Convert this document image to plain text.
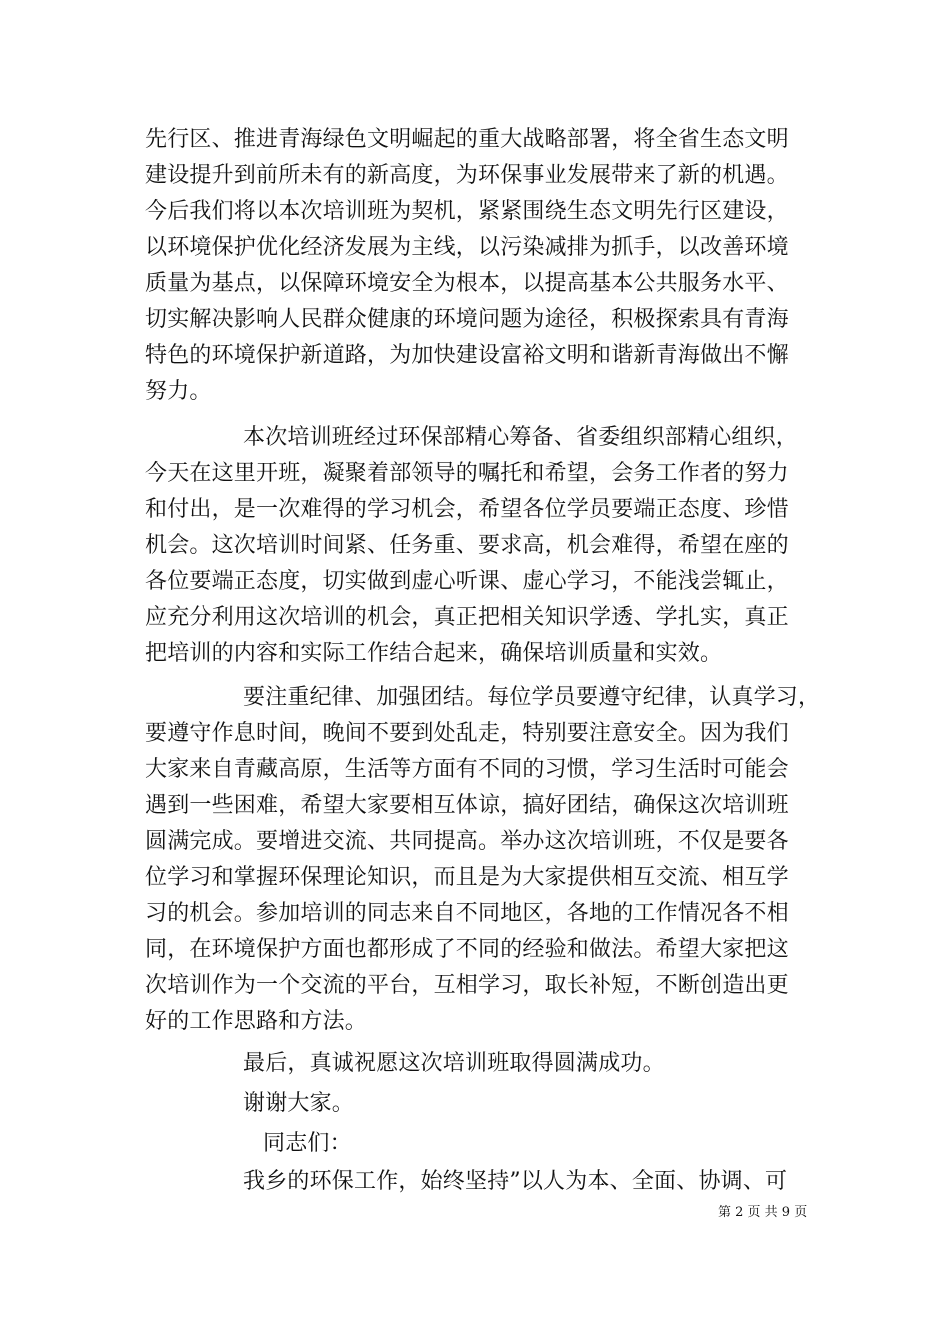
先行区、推进青海绿色文明崛起的重大战略部署，将全省生态文明
建设提升到前所未有的新高度，为环保事业发展带来了新的机遇。
今后我们将以本次培训班为契机，紧紧围绕生态文明先行区建设，
以环境保护优化经济发展为主线，以污染减排为抓手，以改善环境
质量为基点，以保障环境安全为根本，以提高基本公共服务水平、
切实解决影响人民群众健康的环境问题为途径，积极探索具有青海
特色的环境保护新道路，为加快建设富裕文明和谐新青海做出不懈
努力。
本次培训班经过环保部精心筹备、省委组织部精心组织，
今天在这里开班，凝聚着部领导的嘱托和希望，会务工作者的努力
和付出，是一次难得的学习机会，希望各位学员要端正态度、珍惜
机会。这次培训时间紧、任务重、要求高，机会难得，希望在座的
各位要端正态度，切实做到虚心听课、虚心学习，不能浅尝辄止，
应充分利用这次培训的机会，真正把相关知识学透、学扎实，真正
把培训的内容和实际工作结合起来，确保培训质量和实效。
要注重纪律、加强团结。每位学员要遵守纪律，认真学习，
要遵守作息时间，晚间不要到处乱走，特别要注意安全。因为我们
大家来自青藏高原，生活等方面有不同的习惯，学习生活时可能会
遇到一些困难，希望大家要相互体谅，搞好团结，确保这次培训班
圆满完成。要增进交流、共同提高。举办这次培训班，不仅是要各
位学习和掌握环保理论知识，而且是为大家提供相互交流、相互学
习的机会。参加培训的同志来自不同地区，各地的工作情况各不相
同，在环境保护方面也都形成了不同的经验和做法。希望大家把这
次培训作为一个交流的平台，互相学习，取长补短，不断创造出更
好的工作思路和方法。
最后，真诚祝愿这次培训班取得圆满成功。
谢谢大家。
同志们：
我乡的环保工作，始终坚持”以人为本、全面、协调、可
第 2 页 共 9 页
